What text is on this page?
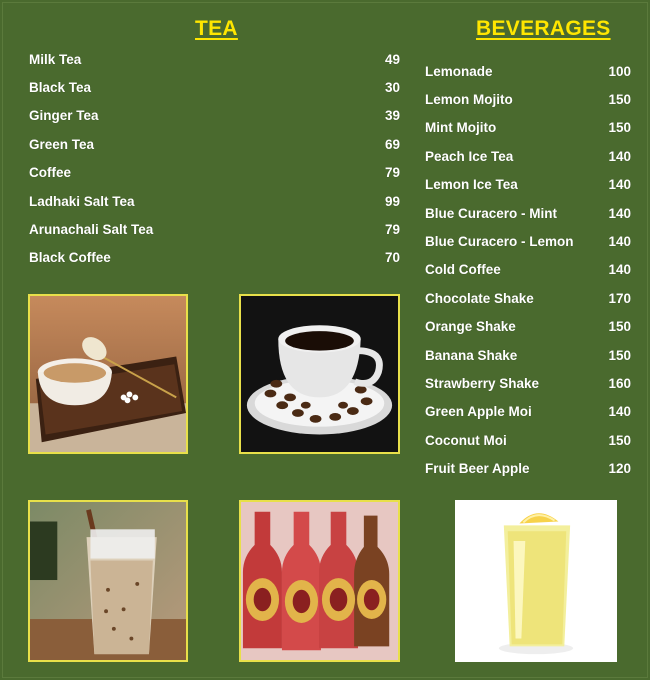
TEA	BEVERAGES
Milk Tea	49
Black Tea	30
Ginger Tea	39
Green Tea	69
Coffee	79
Ladhaki Salt Tea	99
Arunachali Salt Tea	79
Black Coffee	70
Lemonade	100
Lemon Mojito	150
Mint Mojito	150
Peach Ice Tea	140
Lemon Ice Tea	140
Blue Curacero - Mint	140
Blue Curacero - Lemon	140
Cold Coffee	140
Chocolate Shake	170
Orange Shake	150
Banana Shake	150
Strawberry Shake	160
Green Apple Moi	140
Coconut Moi	150
Fruit Beer Apple	120
